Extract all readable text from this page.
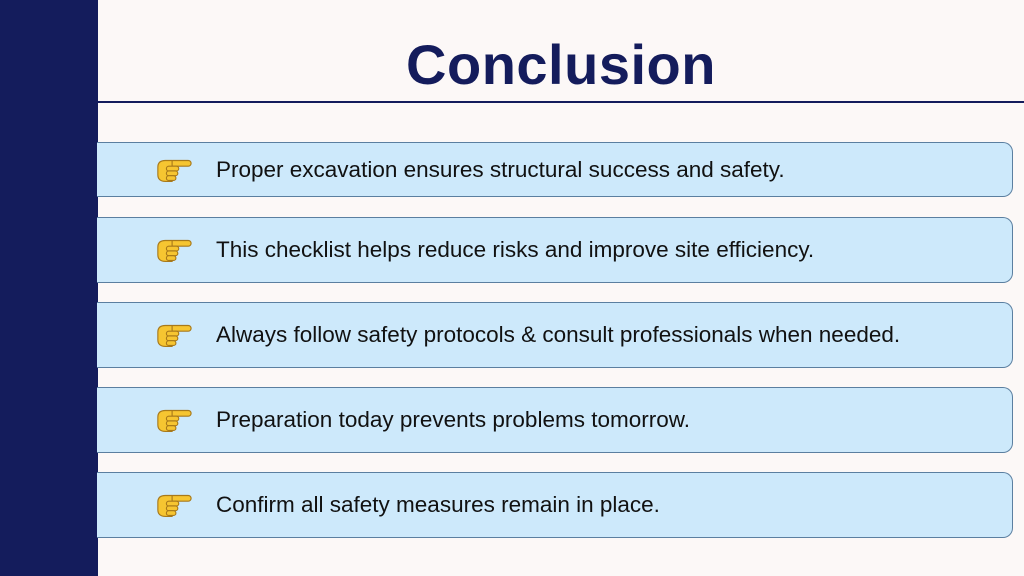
Conclusion
Proper excavation ensures structural success and safety.
This checklist helps reduce risks and improve site efficiency.
Always follow safety protocols & consult professionals when needed.
Preparation today prevents problems tomorrow.
Confirm all safety measures remain in place.
